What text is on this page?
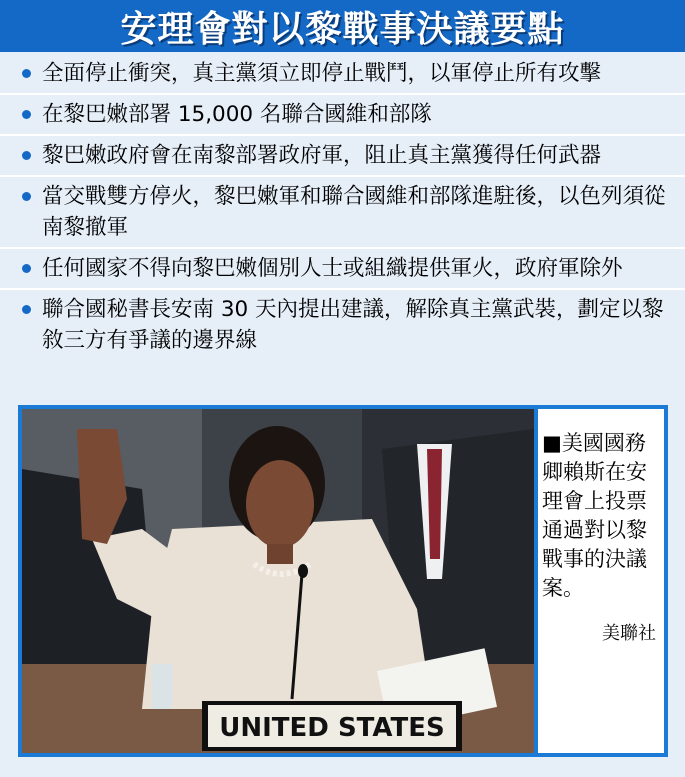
安理會對以黎戰事決議要點
全面停止衝突，真主黨須立即停止戰鬥，以軍停止所有攻擊
在黎巴嫩部署 15,000 名聯合國維和部隊
黎巴嫩政府會在南黎部署政府軍，阻止真主黨獲得任何武器
當交戰雙方停火，黎巴嫩軍和聯合國維和部隊進駐後，以色列須從南黎撤軍
任何國家不得向黎巴嫩個別人士或組織提供軍火，政府軍除外
聯合國秘書長安南 30 天內提出建議，解除真主黨武裝，劃定以黎敘三方有爭議的邊界線
UNITED STATES
■美國國務卿賴斯在安理會上投票通過對以黎戰事的決議案。
美聯社
